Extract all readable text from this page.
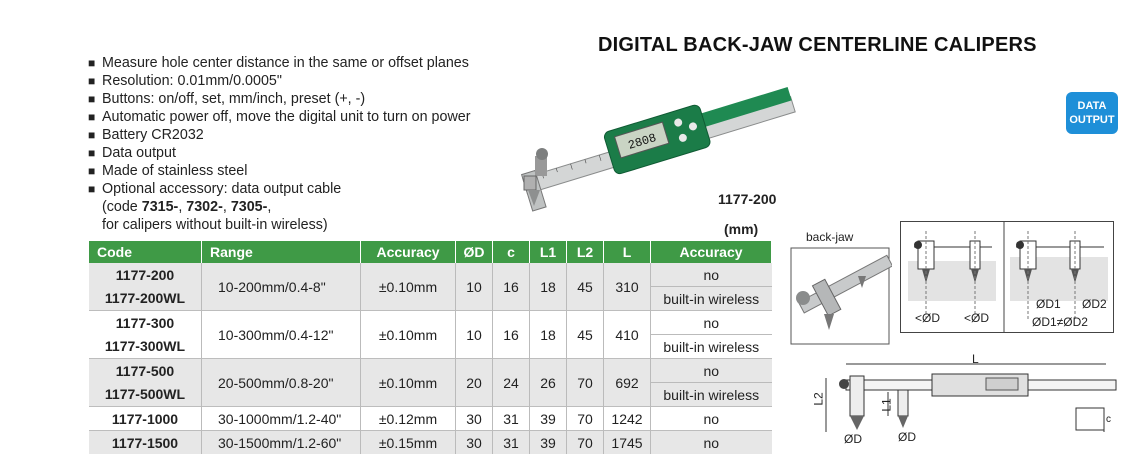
DIGITAL BACK-JAW CENTERLINE CALIPERS
DATA
OUTPUT
■ Measure hole center distance in the same or offset planes
■ Resolution: 0.01mm/0.0005"
■ Buttons: on/off, set, mm/inch, preset (+, -)
■ Automatic power off, move the digital unit to turn on power
■ Battery CR2032
■ Data output
■ Made of stainless steel
■ Optional accessory: data output cable
(code 7315-, 7302-, 7305-,
for calipers without built-in wireless)
2808
1177-200
(mm)
Code	Range	Accuracy	ØD	c	L1	L2	L	Accuracy
1177-200	10-200mm/0.4-8"	±0.10mm	10	16	18	45	310	no
1177-200WL								built-in wireless
1177-300	10-300mm/0.4-12"	±0.10mm	10	16	18	45	410	no
1177-300WL								built-in wireless
1177-500	20-500mm/0.8-20"	±0.10mm	20	24	26	70	692	no
1177-500WL								built-in wireless
1177-1000	30-1000mm/1.2-40"	±0.12mm	30	31	39	70	1242	no
1177-1500	30-1500mm/1.2-60"	±0.15mm	30	31	39	70	1745	no
back-jaw
<ØD <ØD
ØD1 ØD2
ØD1≠ØD2
L
L2	L1
ØD	ØD
c
